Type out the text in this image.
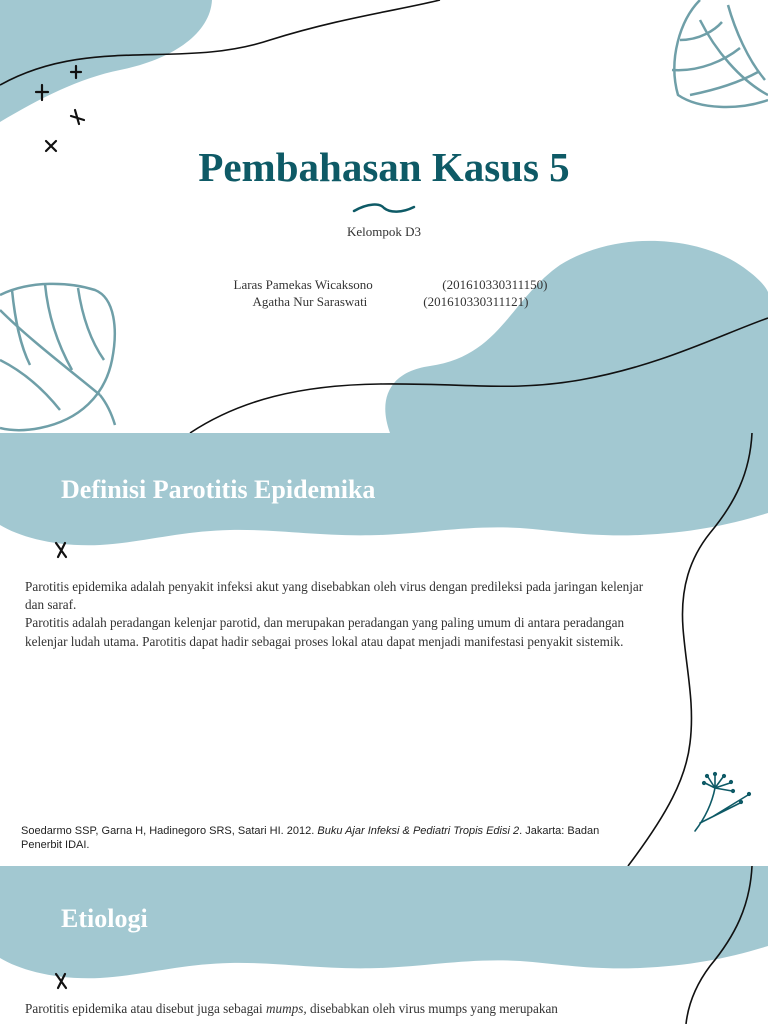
Pembahasan Kasus 5
Kelompok D3

Laras Pamekas Wicaksono	(201610330311150)

Agatha Nur Saraswati	(201610330311121)

Definisi Parotitis Epidemika

Parotitis epidemika adalah penyakit infeksi akut yang disebabkan oleh virus dengan predileksi pada jaringan kelenjar dan saraf.

Parotitis adalah peradangan kelenjar parotid, dan merupakan peradangan yang paling umum di antara peradangan kelenjar ludah utama. Parotitis dapat hadir sebagai proses lokal atau dapat menjadi manifestasi penyakit sistemik.

Soedarmo SSP, Garna H, Hadinegoro SRS, Satari HI. 2012. Buku Ajar Infeksi & Pediatri Tropis Edisi 2. Jakarta: Badan Penerbit IDAI.
Etiologi

Parotitis epidemika atau disebut juga sebagai mumps, disebabkan oleh virus mumps yang merupakan
